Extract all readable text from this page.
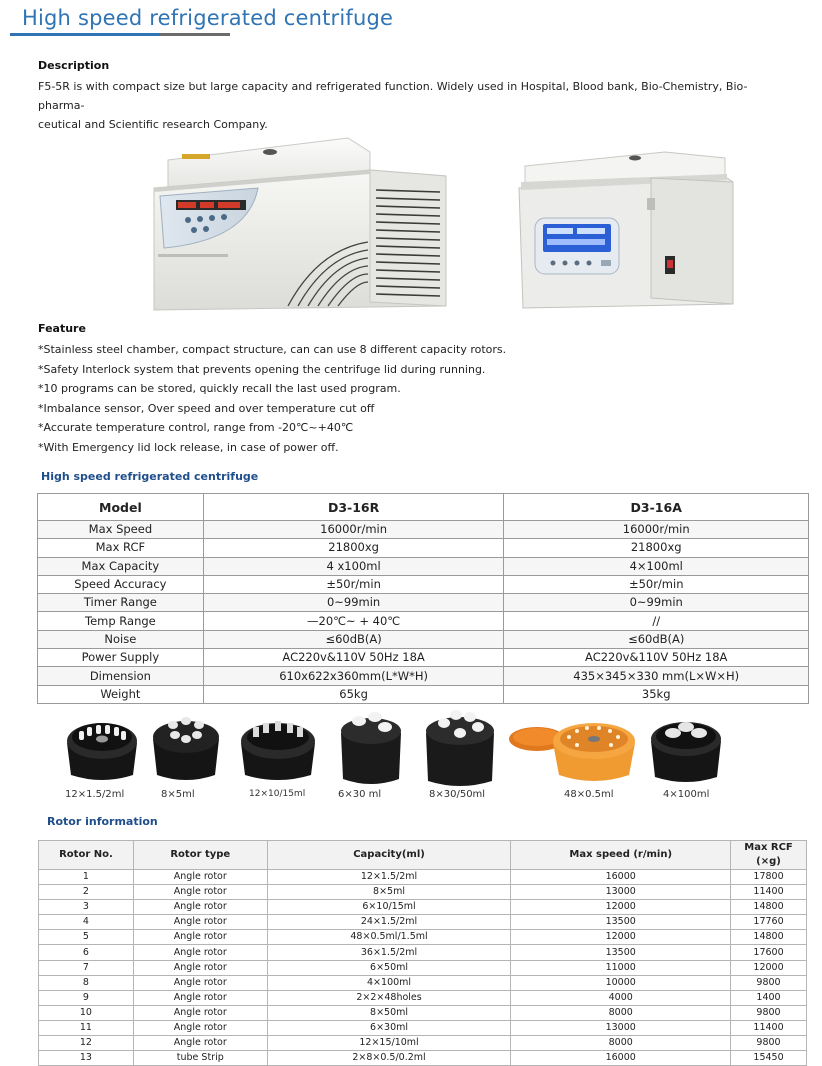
High speed refrigerated centrifuge
Description
F5-5R is with compact size but large capacity and refrigerated function. Widely used in Hospital, Blood bank, Bio-Chemistry, Bio-pharma-
ceutical and Scientific research Company.
Feature
*Stainless steel chamber, compact structure, can can use 8 different capacity rotors.
*Safety Interlock system that prevents opening the centrifuge lid during running.
*10 programs can be stored, quickly recall the last used program.
*Imbalance sensor, Over speed and over temperature cut off
*Accurate temperature control, range from -20℃~+40℃
*With Emergency lid lock release, in case of power off.
High speed refrigerated centrifuge
Model	D3-16R	D3-16A
Max Speed	16000r/min	16000r/min
Max RCF	21800xg	21800xg
Max Capacity	4 x100ml	4×100ml
Speed Accuracy	±50r/min	±50r/min
Timer Range	0~99min	0~99min
Temp Range	—20℃~ + 40℃	//
Noise	≤60dB(A)	≤60dB(A)
Power Supply	AC220v&110V 50Hz 18A	AC220v&110V 50Hz 18A
Dimension	610x622x360mm(L*W*H)	435×345×330 mm(L×W×H)
Weight	65kg	35kg
12×1.5/2ml	8×5ml	12×10/15ml	6×30 ml	8×30/50ml	48×0.5ml	4×100ml
Rotor information
Rotor No.	Rotor type	Capacity(ml)	Max speed (r/min)	Max RCF (×g)
1	Angle rotor	12×1.5/2ml	16000	17800
2	Angle rotor	8×5ml	13000	11400
3	Angle rotor	6×10/15ml	12000	14800
4	Angle rotor	24×1.5/2ml	13500	17760
5	Angle rotor	48×0.5ml/1.5ml	12000	14800
6	Angle rotor	36×1.5/2ml	13500	17600
7	Angle rotor	6×50ml	11000	12000
8	Angle rotor	4×100ml	10000	9800
9	Angle rotor	2×2×48holes	4000	1400
10	Angle rotor	8×50ml	8000	9800
11	Angle rotor	6×30ml	13000	11400
12	Angle rotor	12×15/10ml	8000	9800
13	tube Strip	2×8×0.5/0.2ml	16000	15450
